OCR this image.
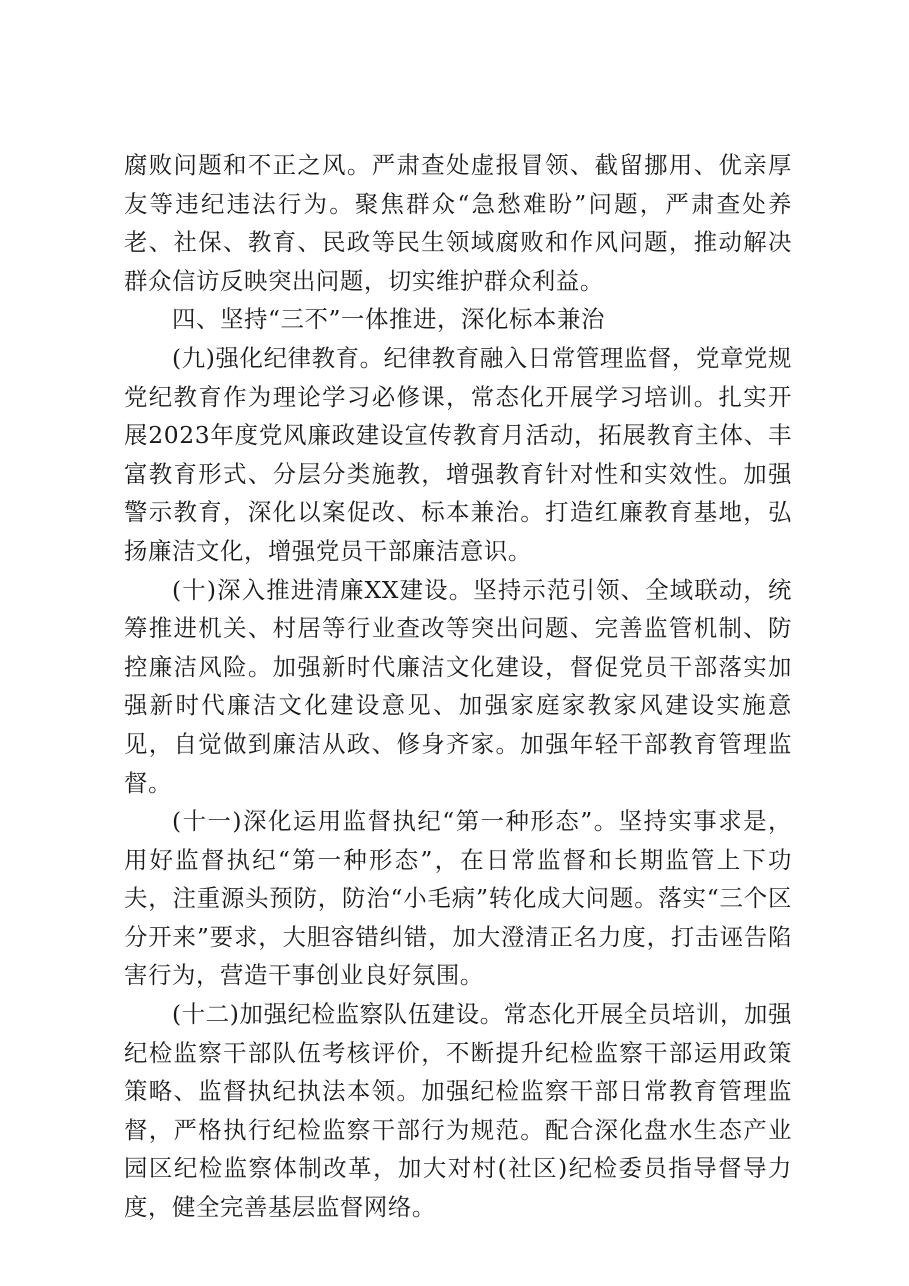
腐败问题和不正之风。严肃查处虚报冒领、截留挪用、优亲厚友等违纪违法行为。聚焦群众“急愁难盼”问题，严肃查处养老、社保、教育、民政等民生领域腐败和作风问题，推动解决群众信访反映突出问题，切实维护群众利益。

四、坚持“三不”一体推进，深化标本兼治

(九)强化纪律教育。纪律教育融入日常管理监督，党章党规党纪教育作为理论学习必修课，常态化开展学习培训。扎实开展2023年度党风廉政建设宣传教育月活动，拓展教育主体、丰富教育形式、分层分类施教，增强教育针对性和实效性。加强警示教育，深化以案促改、标本兼治。打造红廉教育基地，弘扬廉洁文化，增强党员干部廉洁意识。

(十)深入推进清廉XX建设。坚持示范引领、全域联动，统筹推进机关、村居等行业查改等突出问题、完善监管机制、防控廉洁风险。加强新时代廉洁文化建设，督促党员干部落实加强新时代廉洁文化建设意见、加强家庭家教家风建设实施意见，自觉做到廉洁从政、修身齐家。加强年轻干部教育管理监督。

(十一)深化运用监督执纪“第一种形态”。坚持实事求是，用好监督执纪“第一种形态”，在日常监督和长期监管上下功夫，注重源头预防，防治“小毛病”转化成大问题。落实“三个区分开来”要求，大胆容错纠错，加大澄清正名力度，打击诬告陷害行为，营造干事创业良好氛围。

(十二)加强纪检监察队伍建设。常态化开展全员培训，加强纪检监察干部队伍考核评价，不断提升纪检监察干部运用政策策略、监督执纪执法本领。加强纪检监察干部日常教育管理监督，严格执行纪检监察干部行为规范。配合深化盘水生态产业园区纪检监察体制改革，加大对村(社区)纪检委员指导督导力度，健全完善基层监督网络。
